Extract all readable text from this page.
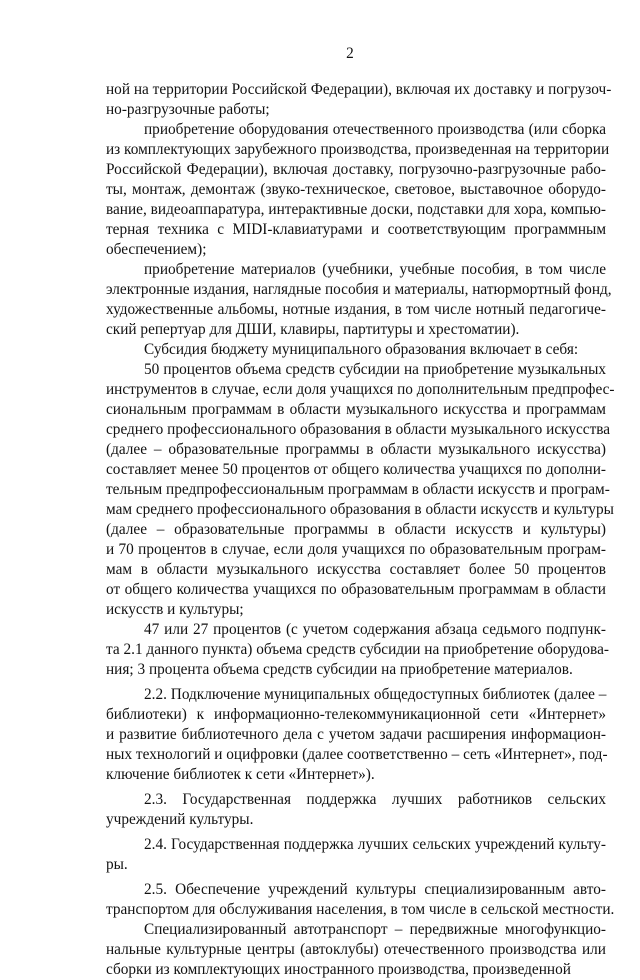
2
ной на территории Российской Федерации), включая их доставку и погрузоч-
но-разгрузочные работы;
приобретение оборудования отечественного производства (или сборка
из комплектующих зарубежного производства, произведенная на территории
Российской Федерации), включая доставку, погрузочно-разгрузочные рабо-
ты, монтаж, демонтаж (звуко-техническое, световое, выставочное оборудо-
вание, видеоаппаратура, интерактивные доски, подставки для хора, компью-
терная техника с MIDI-клавиатурами и соответствующим программным
обеспечением);
приобретение материалов (учебники, учебные пособия, в том числе
электронные издания, наглядные пособия и материалы, натюрмортный фонд,
художественные альбомы, нотные издания, в том числе нотный педагогиче-
ский репертуар для ДШИ, клавиры, партитуры и хрестоматии).
Субсидия бюджету муниципального образования включает в себя:
50 процентов объема средств субсидии на приобретение музыкальных
инструментов в случае, если доля учащихся по дополнительным предпрофес-
сиональным программам в области музыкального искусства и программам
среднего профессионального образования в области музыкального искусства
(далее – образовательные программы в области музыкального искусства)
составляет менее 50 процентов от общего количества учащихся по дополни-
тельным предпрофессиональным программам в области искусств и програм-
мам среднего профессионального образования в области искусств и культуры
(далее – образовательные программы в области искусств и культуры)
и 70 процентов в случае, если доля учащихся по образовательным програм-
мам в области музыкального искусства составляет более 50 процентов
от общего количества учащихся по образовательным программам в области
искусств и культуры;
47 или 27 процентов (с учетом содержания абзаца седьмого подпунк-
та 2.1 данного пункта) объема средств субсидии на приобретение оборудова-
ния; 3 процента объема средств субсидии на приобретение материалов.
2.2. Подключение муниципальных общедоступных библиотек (далее –
библиотеки) к информационно-телекоммуникационной сети «Интернет»
и развитие библиотечного дела с учетом задачи расширения информацион-
ных технологий и оцифровки (далее соответственно – сеть «Интернет», под-
ключение библиотек к сети «Интернет»).
2.3. Государственная поддержка лучших работников сельских
учреждений культуры.
2.4. Государственная поддержка лучших сельских учреждений культу-
ры.
2.5. Обеспечение учреждений культуры специализированным авто-
транспортом для обслуживания населения, в том числе в сельской местности.
Специализированный автотранспорт – передвижные многофункцио-
нальные культурные центры (автоклубы) отечественного производства или
сборки из комплектующих иностранного производства, произведенной
